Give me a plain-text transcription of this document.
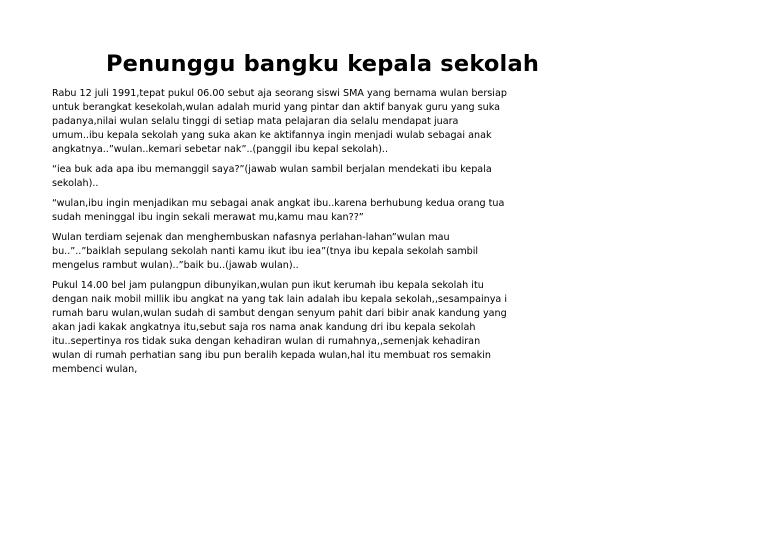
Penunggu bangku kepala sekolah

Rabu 12 juli 1991,tepat pukul 06.00 sebut aja seorang siswi SMA yang bernama wulan bersiap
untuk berangkat kesekolah,wulan adalah murid yang pintar dan aktif banyak guru yang suka
padanya,nilai wulan selalu tinggi di setiap mata pelajaran dia selalu mendapat juara
umum..ibu kepala sekolah yang suka akan ke aktifannya ingin menjadi wulab sebagai anak
angkatnya..”wulan..kemari sebetar nak”..(panggil ibu kepal sekolah)..

“iea buk ada apa ibu memanggil saya?”(jawab wulan sambil berjalan mendekati ibu kepala
sekolah)..

“wulan,ibu ingin menjadikan mu sebagai anak angkat ibu..karena berhubung kedua orang tua
sudah meninggal ibu ingin sekali merawat mu,kamu mau kan??”

Wulan terdiam sejenak dan menghembuskan nafasnya perlahan-lahan”wulan mau
bu..”..”baiklah sepulang sekolah nanti kamu ikut ibu iea”(tnya ibu kepala sekolah sambil
mengelus rambut wulan)..”baik bu..(jawab wulan)..

Pukul 14.00 bel jam pulangpun dibunyikan,wulan pun ikut kerumah ibu kepala sekolah itu
dengan naik mobil millik ibu angkat na yang tak lain adalah ibu kepala sekolah,,sesampainya i
rumah baru wulan,wulan sudah di sambut dengan senyum pahit dari bibir anak kandung yang
akan jadi kakak angkatnya itu,sebut saja ros nama anak kandung dri ibu kepala sekolah
itu..sepertinya ros tidak suka dengan kehadiran wulan di rumahnya,,semenjak kehadiran
wulan di rumah perhatian sang ibu pun beralih kepada wulan,hal itu membuat ros semakin
membenci wulan,
